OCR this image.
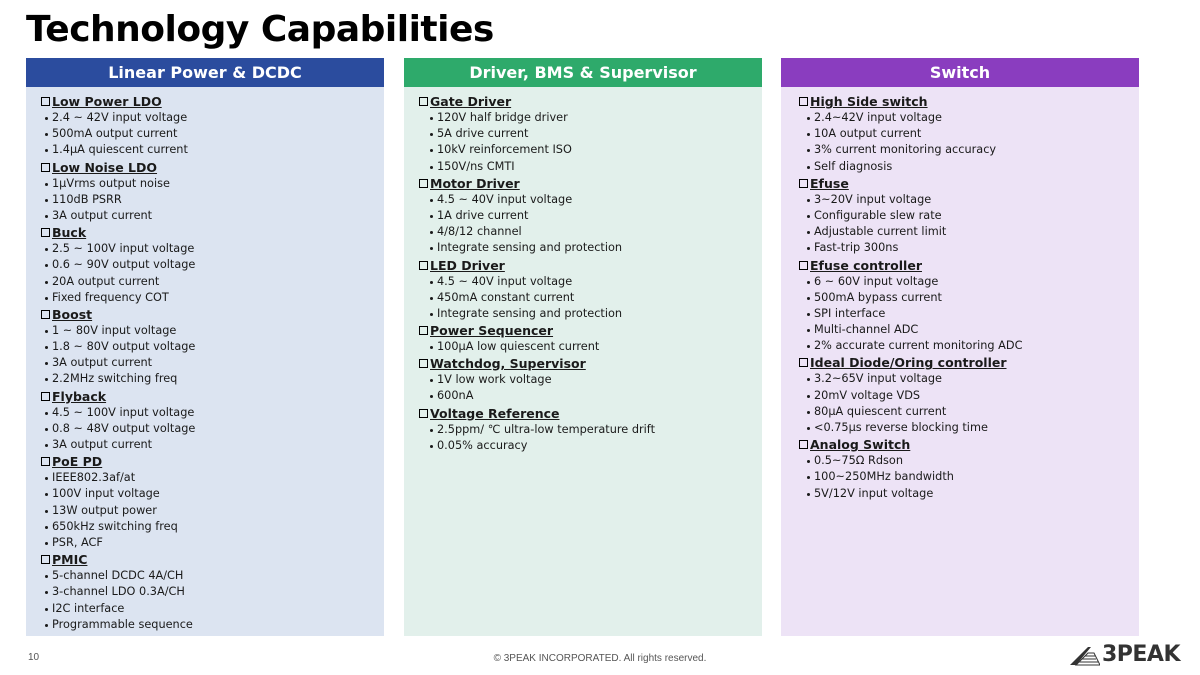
Technology Capabilities
Linear Power & DCDC
Low Power LDO
2.4 ~ 42V input voltage
500mA output current
1.4µA quiescent current
Low Noise LDO
1µVrms output noise
110dB PSRR
3A output current
Buck
2.5 ~ 100V input voltage
0.6 ~ 90V output voltage
20A output current
Fixed frequency COT
Boost
1 ~ 80V input voltage
1.8 ~ 80V output voltage
3A output current
2.2MHz switching freq
Flyback
4.5 ~ 100V input voltage
0.8 ~ 48V output voltage
3A output current
PoE PD
IEEE802.3af/at
100V input voltage
13W output power
650kHz switching freq
PSR, ACF
PMIC
5-channel DCDC 4A/CH
3-channel LDO 0.3A/CH
I2C interface
Programmable sequence
Driver, BMS & Supervisor
Gate Driver
120V half bridge driver
5A drive current
10kV reinforcement ISO
150V/ns CMTI
Motor Driver
4.5 ~ 40V input voltage
1A drive current
4/8/12 channel
Integrate sensing and protection
LED Driver
4.5 ~ 40V input voltage
450mA constant current
Integrate sensing and protection
Power Sequencer
100µA low quiescent current
Watchdog, Supervisor
1V low work voltage
600nA
Voltage Reference
2.5ppm/ ℃ ultra-low temperature drift
0.05% accuracy
Switch
High Side switch
2.4~42V input voltage
10A output current
3% current monitoring accuracy
Self diagnosis
Efuse
3~20V input voltage
Configurable slew rate
Adjustable current limit
Fast-trip 300ns
Efuse controller
6 ~ 60V input voltage
500mA bypass current
SPI interface
Multi-channel ADC
2% accurate current monitoring ADC
Ideal Diode/Oring controller
3.2~65V input voltage
20mV voltage VDS
80µA quiescent current
<0.75µs reverse blocking time
Analog Switch
0.5~75Ω Rdson
100~250MHz bandwidth
5V/12V input voltage
10	© 3PEAK INCORPORATED. All rights reserved.	3PEAK
